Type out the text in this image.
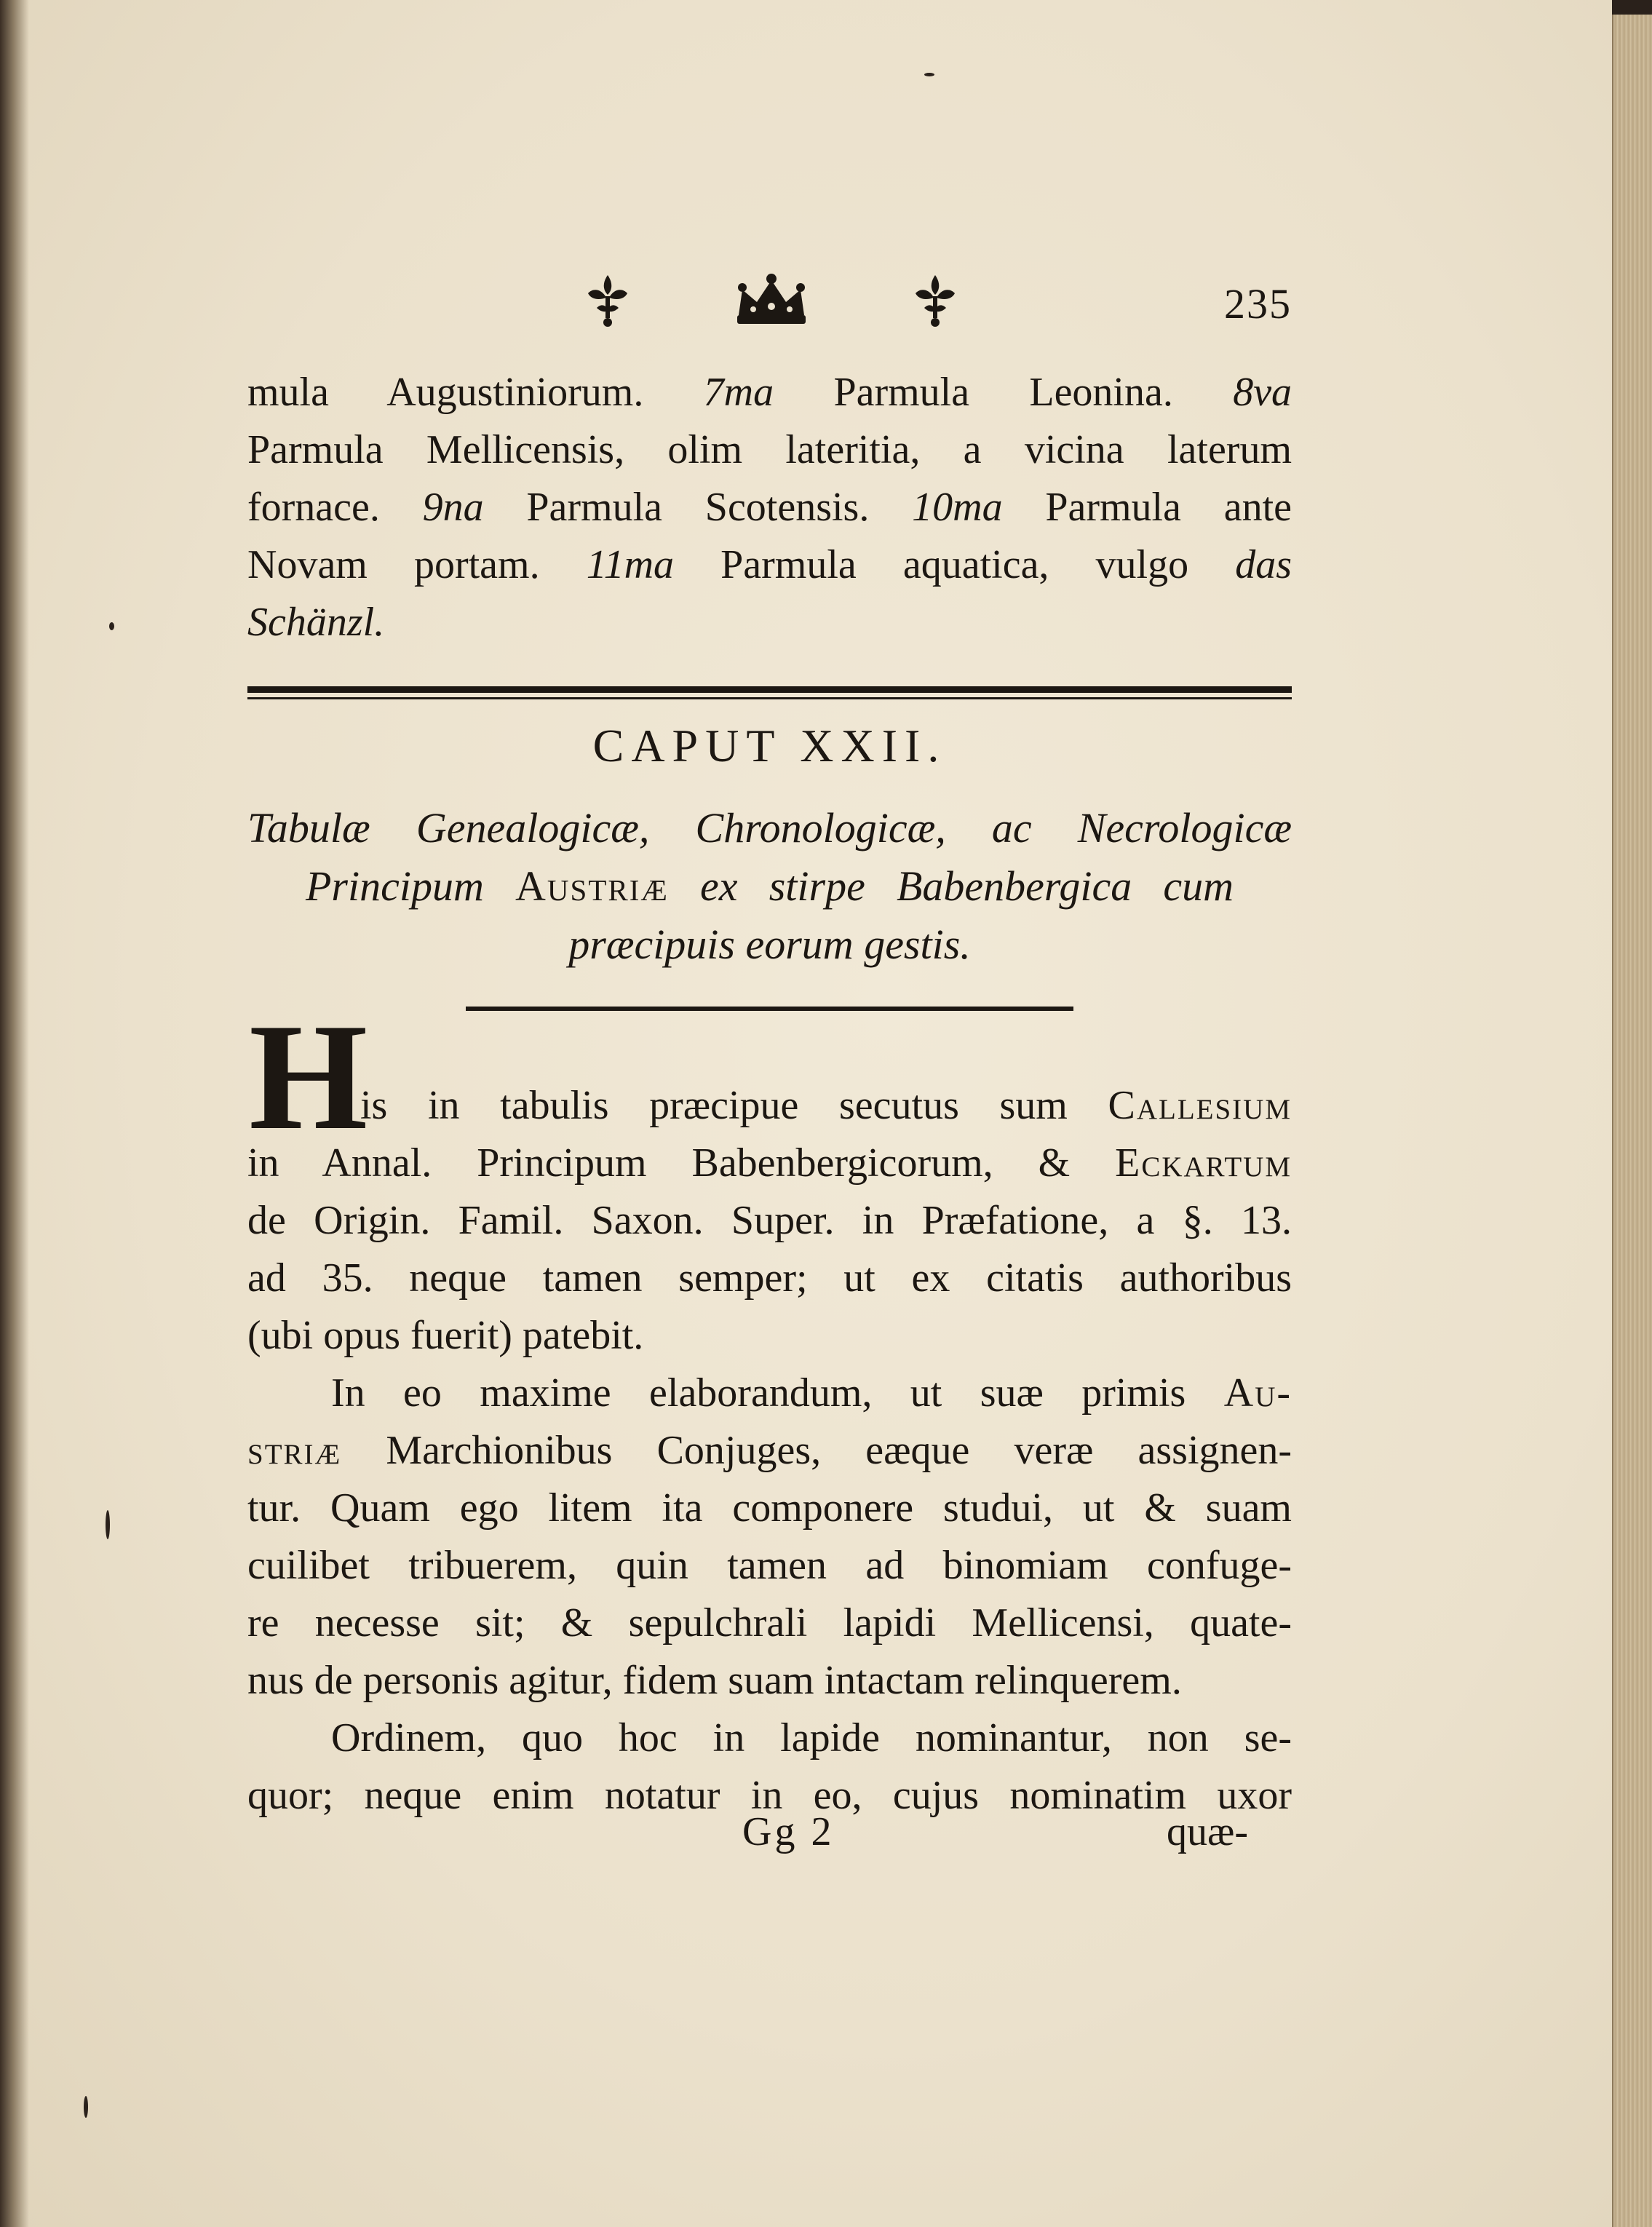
235
mula Augustiniorum. 7ma Parmula Leonina. 8va
Parmula Mellicensis, olim lateritia, a vicina laterum
fornace. 9na Parmula Scotensis. 10ma Parmula ante
Novam portam. 11ma Parmula aquatica, vulgo das
Schänzl.
CAPUT XXII.
Tabulæ Genealogicæ, Chronologicæ, ac Necrologicæ
Principum Austriæ ex stirpe Babenbergica cum
præcipuis eorum gestis.
H
is in tabulis præcipue secutus sum Callesium
in Annal. Principum Babenbergicorum, & Eckartum
de Origin. Famil. Saxon. Super. in Præfatione, a §. 13.
ad 35. neque tamen semper; ut ex citatis authoribus
(ubi opus fuerit) patebit.
In eo maxime elaborandum, ut suæ primis Au-
striæ Marchionibus Conjuges, eæque veræ assignen-
tur. Quam ego litem ita componere studui, ut & suam
cuilibet tribuerem, quin tamen ad binomiam confuge-
re necesse sit; & sepulchrali lapidi Mellicensi, quate-
nus de personis agitur, fidem suam intactam relinquerem.
Ordinem, quo hoc in lapide nominantur, non se-
quor; neque enim notatur in eo, cujus nominatim uxor
Gg 2	quæ-
